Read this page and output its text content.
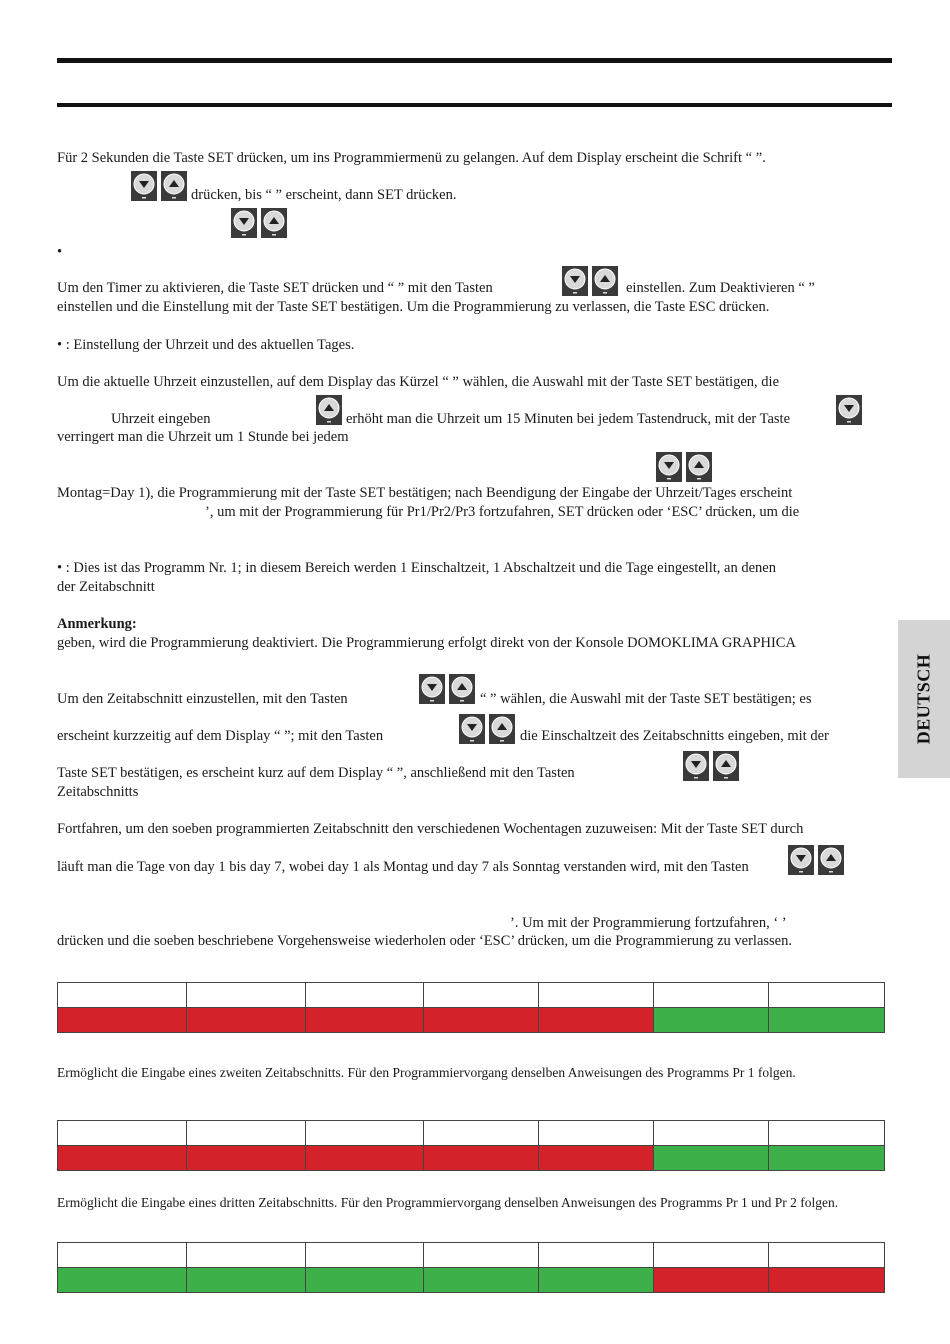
Für 2 Sekunden die Taste SET drücken, um ins Programmiermenü zu gelangen. Auf dem Display erscheint die Schrift “ ”.
drücken, bis “ ” erscheint, dann SET drücken.
•
Um den Timer zu aktivieren, die Taste SET drücken und “ ” mit den Tasten	einstellen. Zum Deaktivieren “ ”
einstellen und die Einstellung mit der Taste SET bestätigen. Um die Programmierung zu verlassen, die Taste ESC drücken.
• : Einstellung der Uhrzeit und des aktuellen Tages.
Um die aktuelle Uhrzeit einzustellen, auf dem Display das Kürzel “ ” wählen, die Auswahl mit der Taste SET bestätigen, die
Uhrzeit eingeben	erhöht man die Uhrzeit um 15 Minuten bei jedem Tastendruck, mit der Taste
verringert man die Uhrzeit um 1 Stunde bei jedem
Montag=Day 1), die Programmierung mit der Taste SET bestätigen; nach Beendigung der Eingabe der Uhrzeit/Tages erscheint
’, um mit der Programmierung für Pr1/Pr2/Pr3 fortzufahren, SET drücken oder ‘ESC’ drücken, um die
• : Dies ist das Programm Nr. 1; in diesem Bereich werden 1 Einschaltzeit, 1 Abschaltzeit und die Tage eingestellt, an denen
der Zeitabschnitt
Anmerkung:
geben, wird die Programmierung deaktiviert. Die Programmierung erfolgt direkt von der Konsole DOMOKLIMA GRAPHICA
Um den Zeitabschnitt einzustellen, mit den Tasten	“ ” wählen, die Auswahl mit der Taste SET bestätigen; es
erscheint kurzzeitig auf dem Display “ ”; mit den Tasten	die Einschaltzeit des Zeitabschnitts eingeben, mit der
Taste SET bestätigen, es erscheint kurz auf dem Display “ ”, anschließend mit den Tasten
Zeitabschnitts
Fortfahren, um den soeben programmierten Zeitabschnitt den verschiedenen Wochentagen zuzuweisen: Mit der Taste SET durch
läuft man die Tage von day 1 bis day 7, wobei day 1 als Montag und day 7 als Sonntag verstanden wird, mit den Tasten
’. Um mit der Programmierung fortzufahren, ‘ ’
drücken und die soeben beschriebene Vorgehensweise wiederholen oder ‘ESC’ drücken, um die Programmierung zu verlassen.

Ermöglicht die Eingabe eines zweiten Zeitabschnitts. Für den Programmiervorgang denselben Anweisungen des Programms Pr 1 folgen.

Ermöglicht die Eingabe eines dritten Zeitabschnitts. Für den Programmiervorgang denselben Anweisungen des Programms Pr 1 und Pr 2 folgen.

DEUTSCH
